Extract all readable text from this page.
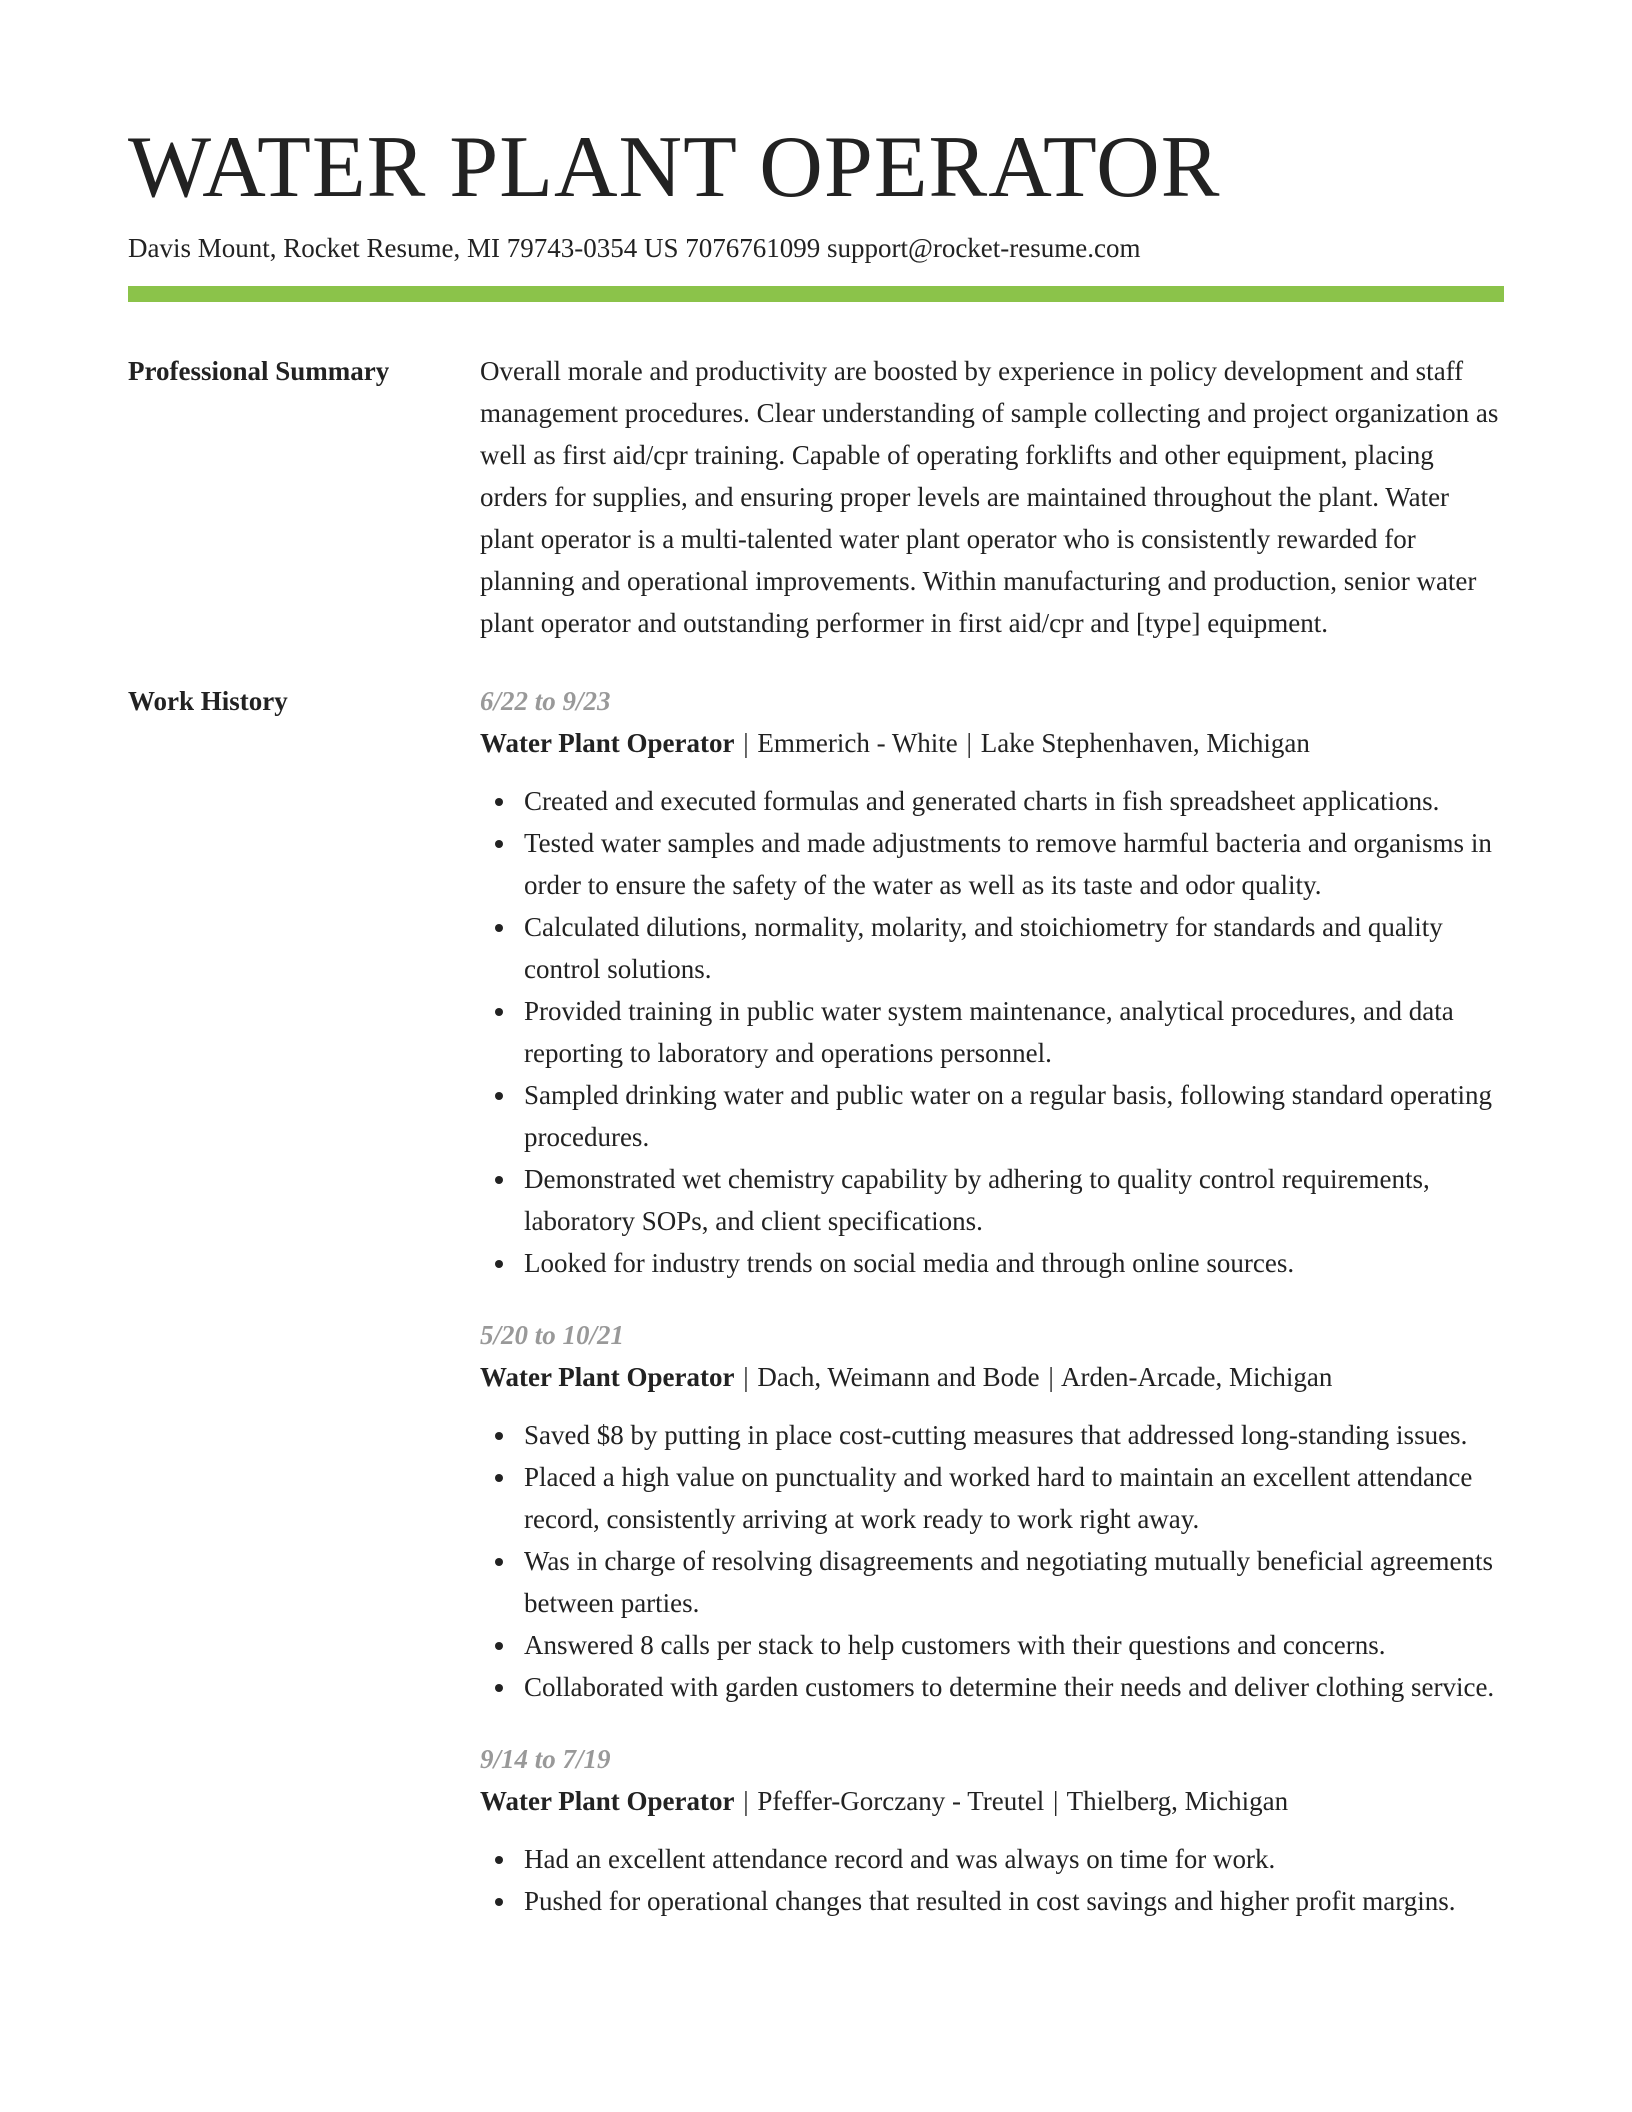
WATER PLANT OPERATOR
Davis Mount, Rocket Resume, MI 79743-0354 US 7076761099 support@rocket-resume.com
Professional Summary	Overall morale and productivity are boosted by experience in policy development and staff management procedures. Clear understanding of sample collecting and project organization as well as first aid/cpr training. Capable of operating forklifts and other equipment, placing orders for supplies, and ensuring proper levels are maintained throughout the plant. Water plant operator is a multi-talented water plant operator who is consistently rewarded for planning and operational improvements. Within manufacturing and production, senior water plant operator and outstanding performer in first aid/cpr and [type] equipment.

Work History	6/22 to 9/23
Water Plant Operator | Emmerich - White | Lake Stephenhaven, Michigan
Created and executed formulas and generated charts in fish spreadsheet applications.
Tested water samples and made adjustments to remove harmful bacteria and organisms in order to ensure the safety of the water as well as its taste and odor quality.
Calculated dilutions, normality, molarity, and stoichiometry for standards and quality control solutions.
Provided training in public water system maintenance, analytical procedures, and data reporting to laboratory and operations personnel.
Sampled drinking water and public water on a regular basis, following standard operating procedures.
Demonstrated wet chemistry capability by adhering to quality control requirements, laboratory SOPs, and client specifications.
Looked for industry trends on social media and through online sources.
5/20 to 10/21
Water Plant Operator | Dach, Weimann and Bode | Arden-Arcade, Michigan
Saved $8 by putting in place cost-cutting measures that addressed long-standing issues.
Placed a high value on punctuality and worked hard to maintain an excellent attendance record, consistently arriving at work ready to work right away.
Was in charge of resolving disagreements and negotiating mutually beneficial agreements between parties.
Answered 8 calls per stack to help customers with their questions and concerns.
Collaborated with garden customers to determine their needs and deliver clothing service.
9/14 to 7/19
Water Plant Operator | Pfeffer-Gorczany - Treutel | Thielberg, Michigan
Had an excellent attendance record and was always on time for work.
Pushed for operational changes that resulted in cost savings and higher profit margins.
